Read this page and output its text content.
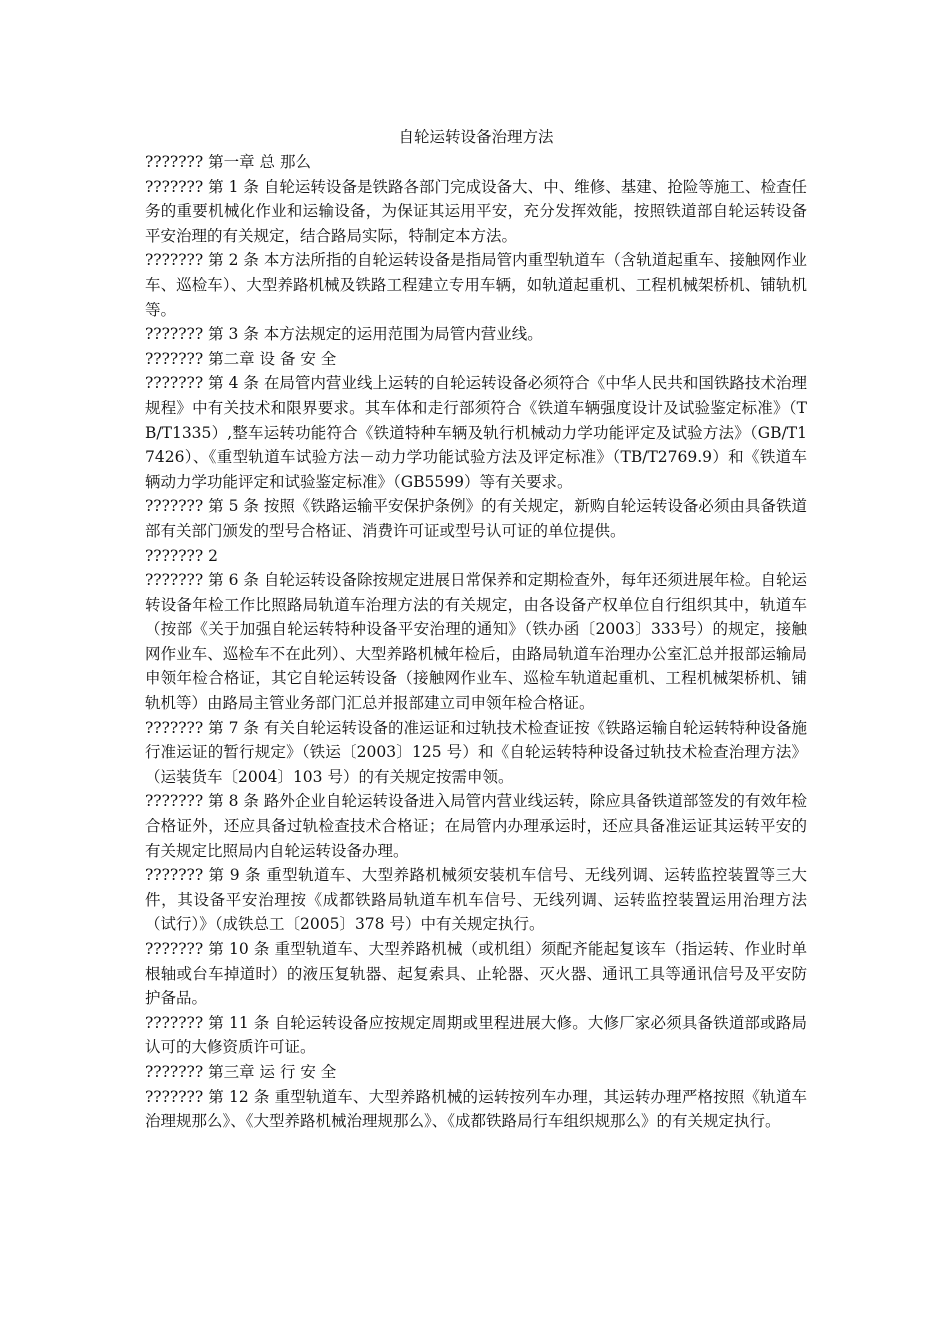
自轮运转设备治理方法

??????? 第一章 总 那么

??????? 第 1 条 自轮运转设备是铁路各部门完成设备大、中、维修、基建、抢险等施工、检查任务的重要机械化作业和运输设备，为保证其运用平安，充分发挥效能，按照铁道部自轮运转设备平安治理的有关规定，结合路局实际，特制定本方法。

??????? 第 2 条 本方法所指的自轮运转设备是指局管内重型轨道车（含轨道起重车、接触网作业车、巡检车）、大型养路机械及铁路工程建立专用车辆，如轨道起重机、工程机械架桥机、铺轨机等。

??????? 第 3 条 本方法规定的运用范围为局管内营业线。

??????? 第二章 设 备 安 全

??????? 第 4 条 在局管内营业线上运转的自轮运转设备必须符合《中华人民共和国铁路技术治理规程》中有关技术和限界要求。其车体和走行部须符合《铁道车辆强度设计及试验鉴定标准》（TB/T1335）,整车运转功能符合《铁道特种车辆及轨行机械动力学功能评定及试验方法》（GB/T17426）、《重型轨道车试验方法－动力学功能试验方法及评定标准》（TB/T2769.9）和《铁道车辆动力学功能评定和试验鉴定标准》（GB5599）等有关要求。

??????? 第 5 条 按照《铁路运输平安保护条例》的有关规定，新购自轮运转设备必须由具备铁道部有关部门颁发的型号合格证、消费许可证或型号认可证的单位提供。

??????? 2

??????? 第 6 条 自轮运转设备除按规定进展日常保养和定期检查外，每年还须进展年检。自轮运转设备年检工作比照路局轨道车治理方法的有关规定，由各设备产权单位自行组织其中，轨道车（按部《关于加强自轮运转特种设备平安治理的通知》（铁办函〔2003〕333号）的规定，接触网作业车、巡检车不在此列）、大型养路机械年检后，由路局轨道车治理办公室汇总并报部运输局申领年检合格证，其它自轮运转设备（接触网作业车、巡检车轨道起重机、工程机械架桥机、铺轨机等）由路局主管业务部门汇总并报部建立司申领年检合格证。

??????? 第 7 条 有关自轮运转设备的准运证和过轨技术检查证按《铁路运输自轮运转特种设备施行准运证的暂行规定》（铁运〔2003〕125 号）和《自轮运转特种设备过轨技术检查治理方法》（运装货车〔2004〕103 号）的有关规定按需申领。

??????? 第 8 条 路外企业自轮运转设备进入局管内营业线运转，除应具备铁道部签发的有效年检合格证外，还应具备过轨检查技术合格证；在局管内办理承运时，还应具备准运证其运转平安的有关规定比照局内自轮运转设备办理。

??????? 第 9 条 重型轨道车、大型养路机械须安装机车信号、无线列调、运转监控装置等三大件，其设备平安治理按《成都铁路局轨道车机车信号、无线列调、运转监控装置运用治理方法（试行）》（成铁总工〔2005〕378 号）中有关规定执行。

??????? 第 10 条 重型轨道车、大型养路机械（或机组）须配齐能起复该车（指运转、作业时单根轴或台车掉道时）的液压复轨器、起复索具、止轮器、灭火器、通讯工具等通讯信号及平安防护备品。

??????? 第 11 条 自轮运转设备应按规定周期或里程进展大修。大修厂家必须具备铁道部或路局认可的大修资质许可证。

??????? 第三章 运 行 安 全

??????? 第 12 条 重型轨道车、大型养路机械的运转按列车办理，其运转办理严格按照《轨道车治理规那么》、《大型养路机械治理规那么》、《成都铁路局行车组织规那么》的有关规定执行。
